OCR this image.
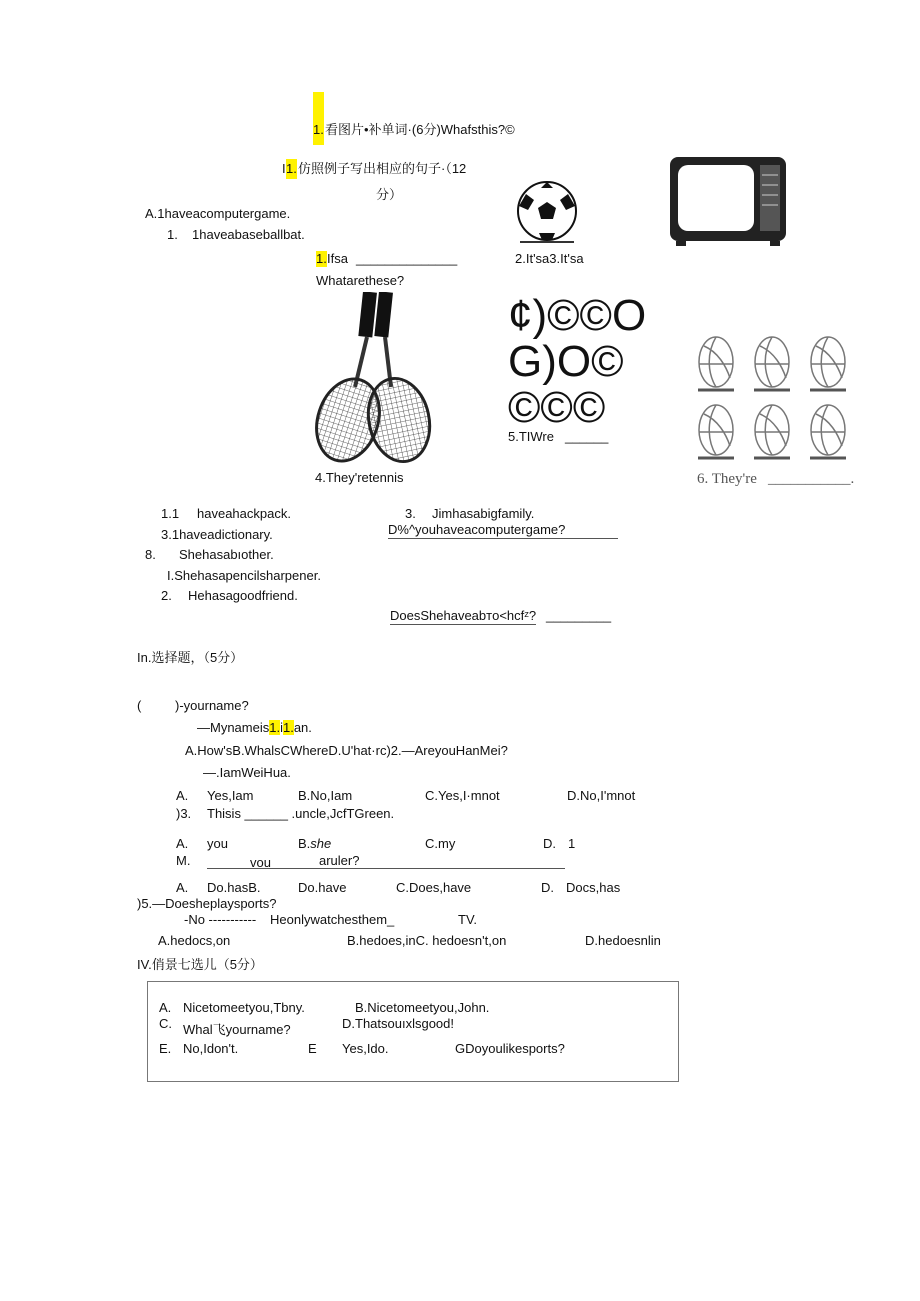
1. 看图片•补单词·(6分)Whafsthis?©
I 1. 仿照例子写出相应的句子·（12
分）
A.1haveacomputergame.
1. 1haveabaseballbat.
1. Ifsa ______________	2.It'sa3.It'sa
Whatarethese?
4.They'retennis
¢)©©O
G)O©
©©©
5.TIWre ______
6. They're ___________.
1.1 haveahackpack.
3.1haveadictionary.
8. Shehasabıother.
I.Shehasapencilsharpener.
2. Hehasagoodfriend.
3. Jimhasabigfamily.
D%^youhaveacomputergame?
DoesShehaveabтo<hcfᶻ? _________
In.选择题，（5分）
(	)-yourname?
—Mynameis1.i1.an.
A.How'sB.WhalsCWhereD.U'hat·rc)2.—AreyouHanMei?
—.IamWeiHua.
A. Yes,Iam	B.No,Iam	C.Yes,I·mnot	D.No,I'mnot
)3. Thisis ______ .uncle,JcfTGreen.
A. you	B.she	C.my	D. 1
M.	vou	aruler?
A. Do.hasB.	Do.have	C.Does,have	D. Docs,has
)5.—Doesheplaysports?
-No ----------- Heonlywatchesthem_	TV.
A.hedocs,on	B.hedoes,inC. hedoesn't,on	D.hedoesnlin
IV.俏景七选儿（5分）
A. Nicetomeetyou,Tbny.	B.Nicetomeetyou,John.
C. Whal飞yourname?	D.Thatsouıxlsgood!
E. No,Idon't.	E Yes,Ido.	GDoyoulikesports?
